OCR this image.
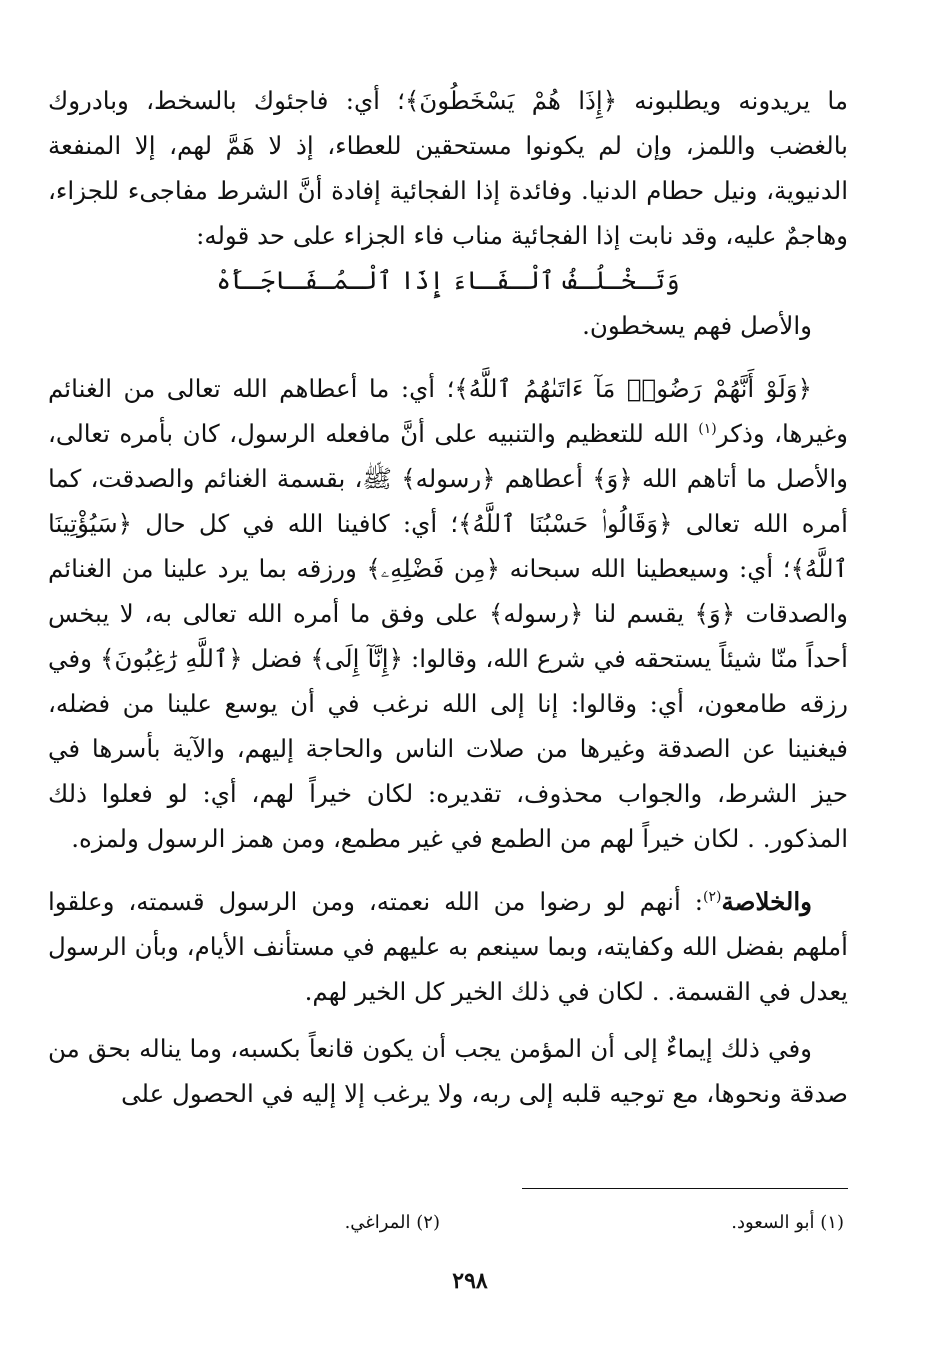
ما يريدونه ويطلبونه ﴿إِذَا هُمْ يَسْخَطُونَ﴾؛ أي: فاجئوك بالسخط، وبادروك بالغضب واللمز، وإن لم يكونوا مستحقين للعطاء، إذ لا هَمَّ لهم، إلا المنفعة الدنيوية، ونيل حطام الدنيا. وفائدة إذا الفجائية إفادة أنَّ الشرط مفاجىء للجزاء، وهاجمٌ عليه، وقد نابت إذا الفجائية مناب فاء الجزاء على حد قوله:

وَتَـخْـلُـفُ ٱلْـفَـاءَ إِذَا ٱلْـمُـفَـاجَـأَهْ

والأصل فهم يسخطون.

﴿وَلَوْ أَنَّهُمْ رَضُوا۟ مَآ ءَاتَىٰهُمُ ٱللَّهُ﴾؛ أي: ما أعطاهم الله تعالى من الغنائم وغيرها، وذكر$^{(١)}$ الله للتعظيم والتنبيه على أنَّ مافعله الرسول، كان بأمره تعالى، والأصل ما أتاهم الله ﴿وَ﴾ أعطاهم ﴿رسوله﴾ ﷺ، بقسمة الغنائم والصدقت، كما أمره الله تعالى ﴿وَقَالُوا۟ حَسْبُنَا ٱللَّهُ﴾؛ أي: كافينا الله في كل حال ﴿سَيُؤْتِينَا ٱللَّهُ﴾؛ أي: وسيعطينا الله سبحانه ﴿مِن فَضْلِهِۦ﴾ ورزقه بما يرد علينا من الغنائم والصدقات ﴿وَ﴾ يقسم لنا ﴿رسوله﴾ على وفق ما أمره الله تعالى به، لا يبخس أحداً منّا شيئاً يستحقه في شرع الله، وقالوا: ﴿إِنَّآ إِلَى﴾ فضل ﴿ٱللَّهِ رَٰغِبُونَ﴾ وفي رزقه طامعون، أي: وقالوا: إنا إلى الله نرغب في أن يوسع علينا من فضله، فيغنينا عن الصدقة وغيرها من صلات الناس والحاجة إليهم، والآية بأسرها في حيز الشرط، والجواب محذوف، تقديره: لكان خيراً لهم، أي: لو فعلوا ذلك المذكور. . لكان خيراً لهم من الطمع في غير مطمع، ومن همز الرسول ولمزه.

والخلاصة$^{(٢)}$: أنهم لو رضوا من الله نعمته، ومن الرسول قسمته، وعلقوا أملهم بفضل الله وكفايته، وبما سينعم به عليهم في مستأنف الأيام، وبأن الرسول يعدل في القسمة. . لكان في ذلك الخير كل الخير لهم.

وفي ذلك إيماءٌ إلى أن المؤمن يجب أن يكون قانعاً بكسبه، وما يناله بحق من صدقة ونحوها، مع توجيه قلبه إلى ربه، ولا يرغب إلا إليه في الحصول على

(١) أبو السعود.
(٢) المراغي.
٢٩٨
